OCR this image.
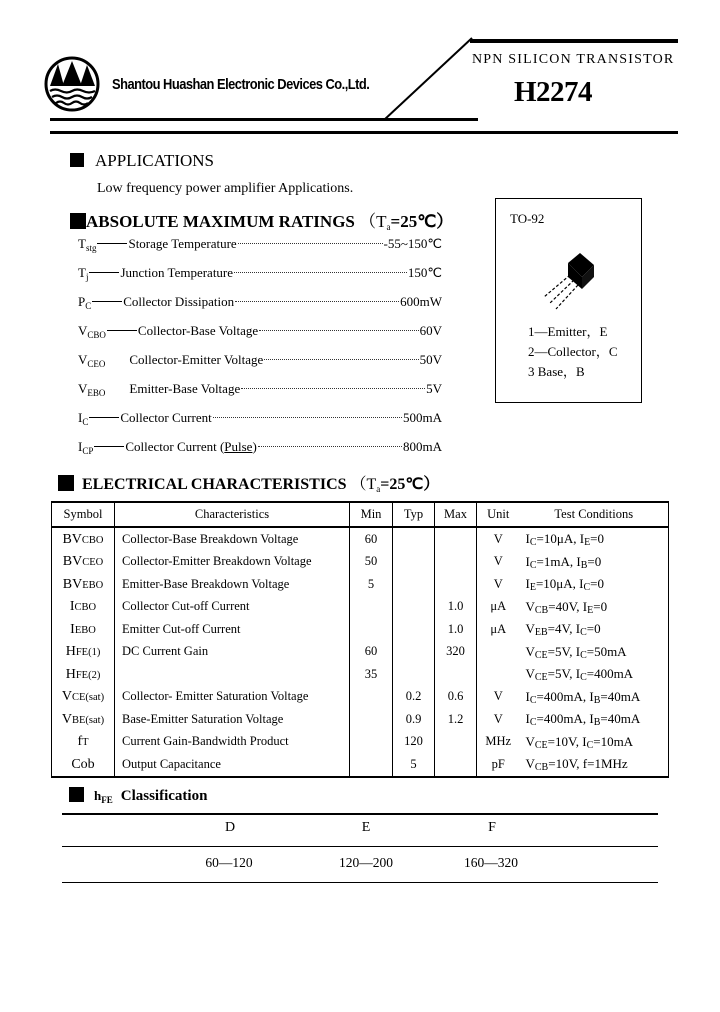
Shantou Huashan Electronic Devices Co.,Ltd.
NPN SILICON TRANSISTOR
H2274
APPLICATIONS
Low frequency power amplifier Applications.
ABSOLUTE MAXIMUM RATINGS $(T_a=25℃)$
$T_{stg}$ Storage Temperature	-55~150℃
$T_j$ Junction Temperature	150℃
$P_C$ Collector Dissipation	600mW
$V_{CBO}$ Collector-Base Voltage	60V
$V_{CEO}$ Collector-Emitter Voltage	50V
$V_{EBO}$ Emitter-Base Voltage	5V
$I_C$ Collector Current	500mA
$I_{CP}$ Collector Current (Pulse)	800mA
TO-92
1—Emitter，E
2—Collector，C
3 Base，B
ELECTRICAL CHARACTERISTICS $(T_a=25℃)$
Symbol	Characteristics	Min	Typ	Max	Unit	Test Conditions
BVCBO	Collector-Base Breakdown Voltage	60			V	$I_C=10\mu A$, $I_E=0$
BVCEO	Collector-Emitter Breakdown Voltage	50			V	$I_C=1mA$, $I_B=0$
BVEBO	Emitter-Base Breakdown Voltage	5			V	$I_E=10\mu A$, $I_C=0$
ICBO	Collector Cut-off Current			1.0	μA	$V_{CB}=40V$, $I_E=0$
IEBO	Emitter Cut-off Current			1.0	μA	$V_{EB}=4V$, $I_C=0$
HFE(1)	DC Current Gain	60		320		$V_{CE}=5V$, $I_C=50mA$
HFE(2)		35				$V_{CE}=5V$, $I_C=400mA$
VCE(sat)	Collector- Emitter Saturation Voltage		0.2	0.6	V	$I_C=400mA$, $I_B=40mA$
VBE(sat)	Base-Emitter Saturation Voltage		0.9	1.2	V	$I_C=400mA$, $I_B=40mA$
fT	Current Gain-Bandwidth Product		120		MHz	$V_{CE}=10V$, $I_C=10mA$
Cob	Output Capacitance		5		pF	$V_{CB}=10V$, f=1MHz
$h_{FE}$ Classification
D	E	F
60—120	120—200	160—320
